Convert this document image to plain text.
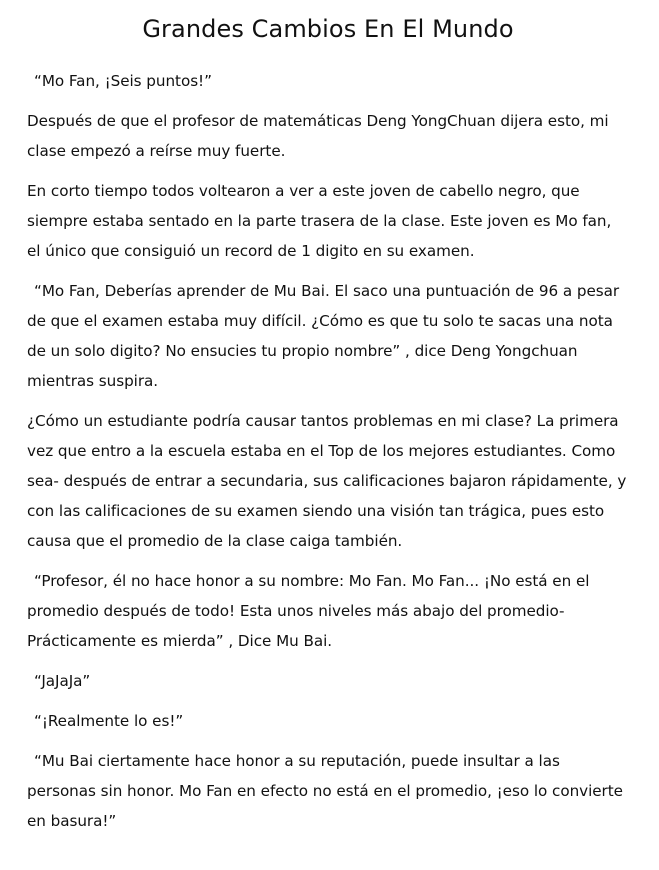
Grandes Cambios En El Mundo

“Mo Fan, ¡Seis puntos!”

Después de que el profesor de matemáticas Deng YongChuan dijera esto, mi clase empezó a reírse muy fuerte.

En corto tiempo todos voltearon a ver a este joven de cabello negro, que siempre estaba sentado en la parte trasera de la clase. Este joven es Mo fan, el único que consiguió un record de 1 digito en su examen.

“Mo Fan, Deberías aprender de Mu Bai. El saco una puntuación de 96 a pesar de que el examen estaba muy difícil. ¿Cómo es que tu solo te sacas una nota de un solo digito? No ensucies tu propio nombre” , dice Deng Yongchuan mientras suspira.

¿Cómo un estudiante podría causar tantos problemas en mi clase? La primera vez que entro a la escuela estaba en el Top de los mejores estudiantes. Como sea- después de entrar a secundaria, sus calificaciones bajaron rápidamente, y con las calificaciones de su examen siendo una visión tan trágica, pues esto causa que el promedio de la clase caiga también.

“Profesor, él no hace honor a su nombre: Mo Fan. Mo Fan... ¡No está en el promedio después de todo! Esta unos niveles más abajo del promedio- Prácticamente es mierda” , Dice Mu Bai.

“JaJaJa”

“¡Realmente lo es!”

“Mu Bai ciertamente hace honor a su reputación, puede insultar a las personas sin honor. Mo Fan en efecto no está en el promedio, ¡eso lo convierte en basura!”
